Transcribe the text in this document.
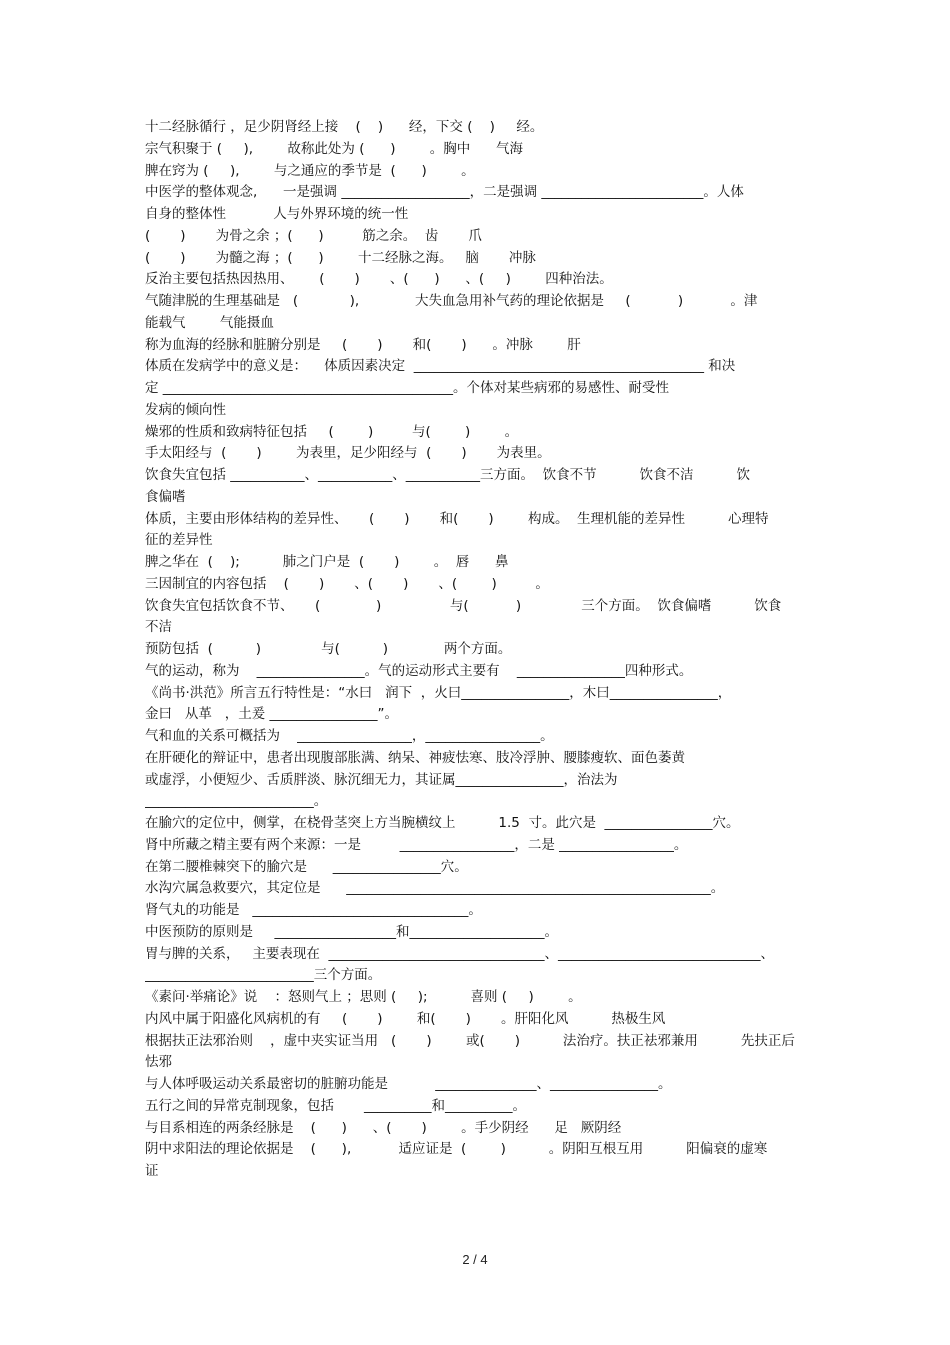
十二经脉循行 ，足少阴肾经上接    (    )      经，下交 (    )     经。
宗气积聚于 (     ),        故称此处为 (      )        。胸中      气海
脾在窍为 (     ),        与之通应的季节是  (      )        。
中医学的整体观念,      一是强调 ___________________，二是强调 ________________________。人体
自身的整体性           人与外界环境的统一性
(       )       为骨之余 ；(      )         筋之余。  齿       爪
(       )       为髓之海 ；(      )        十二经脉之海。   脑       冲脉
反治主要包括热因热用、      (       )       、(      )      、(     )        四种治法。
气随津脱的生理基础是   (            ),             大失血急用补气药的理论依据是     (           )           。津
能载气        气能摄血
称为血海的经脉和脏腑分别是     (       )       和(       )      。冲脉        肝
体质在发病学中的意义是：    体质因素决定  ___________________________________________ 和决
定 ___________________________________________。个体对某些病邪的易感性、耐受性
发病的倾向性
燥邪的性质和致病特征包括     (        )         与(        )        。
手太阳经与  (       )        为表里，足少阳经与  (       )       为表里。
饮食失宜包括 ___________、___________、___________三方面。  饮食不节          饮食不洁          饮
食偏嗜
体质，主要由形体结构的差异性、     (       )       和(       )        构成。  生理机能的差异性          心理特
征的差异性
脾之华在  (    );          肺之门户是  (       )        。  唇      鼻
三因制宜的内容包括    (       )       、(       )       、(        )         。
饮食失宜包括饮食不节、     (             )                与(           )              三个方面。  饮食偏嗜          饮食
不洁
预防包括  (          )              与(          )             两个方面。
气的运动，称为    ________________。气的运动形式主要有    ________________四种形式。
《尚书·洪范》所言五行特性是：“水曰   润下  ，火曰________________，木曰________________，
金曰   从革   ，土爰 ________________”。
气和血的关系可概括为    _________________，_________________。
在肝硬化的辩证中，患者出现腹部胀满、纳呆、神疲怯寒、肢冷浮肿、腰膝瘦软、面色萎黄
或虚浮，小便短少、舌质胖淡、脉沉细无力，其证属________________，治法为
_________________________。
在腧穴的定位中，侧掌，在桡骨茎突上方当腕横纹上          1.5  寸。此穴是  ________________穴。
肾中所藏之精主要有两个来源：一是         _________________，二是 _________________。
在第二腰椎棘突下的腧穴是      ________________穴。
水沟穴属急救要穴，其定位是      ______________________________________________________。
肾气丸的功能是   ________________________________。
中医预防的原则是     __________________和____________________。
胃与脾的关系，   主要表现在  ________________________________、______________________________、
_________________________三个方面。
《素问·举痛论》说    ：怒则气上 ；思则 (     );          喜则 (     )        。
内风中属于阳盛化风病机的有     (       )        和(       )       。肝阳化风          热极生风
根据扶正法邪治则    ，虚中夹实证当用   (       )        或(       )          法治疗。扶正祛邪兼用          先扶正后
怯邪
与人体呼吸运动关系最密切的脏腑功能是           _______________、________________。
五行之间的异常克制现象，包括       __________和__________。
与目系相连的两条经脉是    (      )      、(       )        。手少阴经      足   厥阴经
阴中求阳法的理论依据是    (      ),           适应证是  (        )          。阴阳互根互用          阳偏衰的虚寒
证
2 / 4
